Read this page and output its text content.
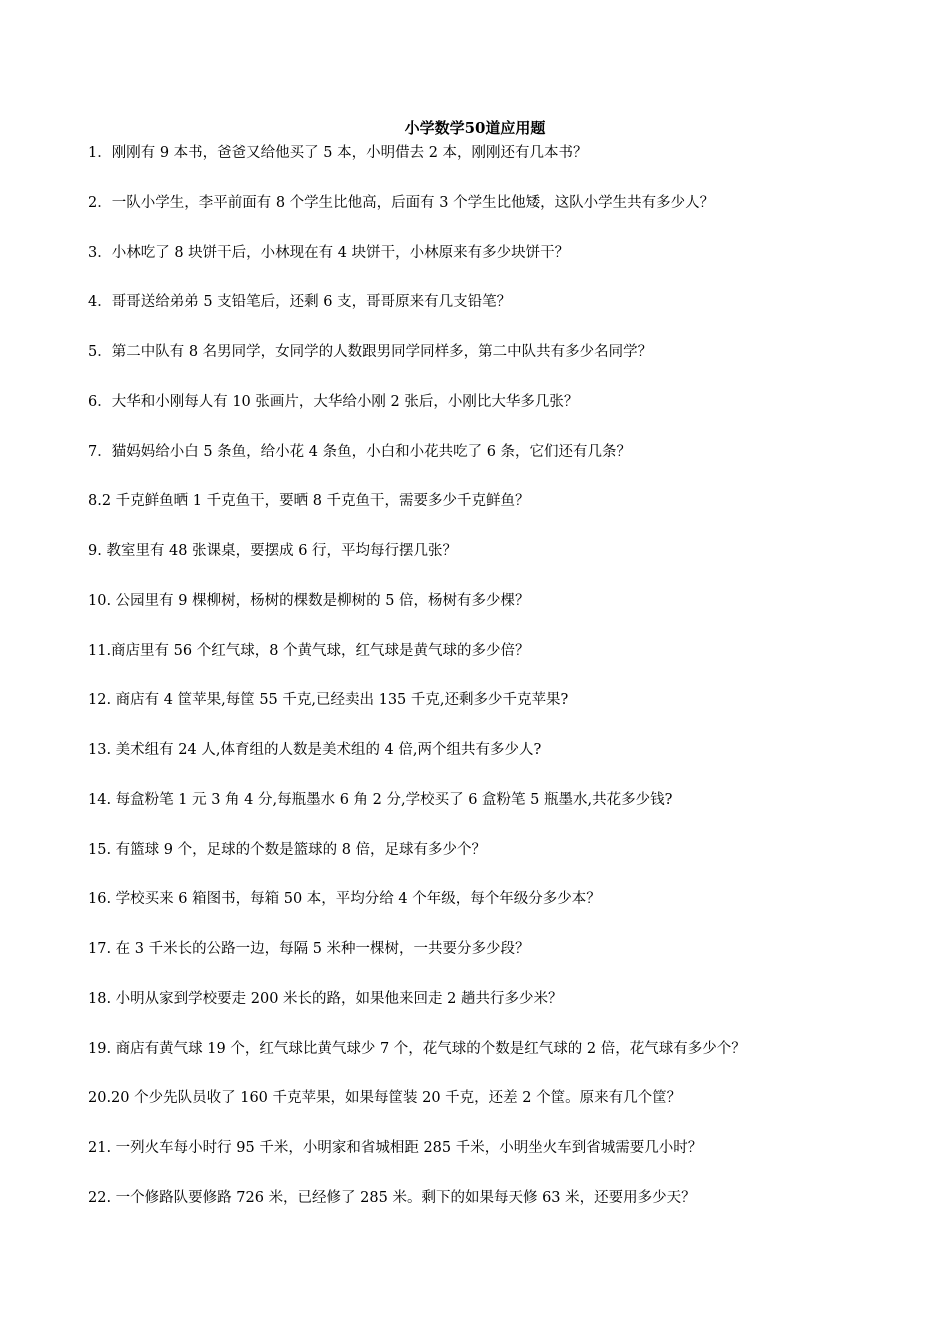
小学数学50道应用题
1．刚刚有 9 本书，爸爸又给他买了 5 本，小明借去 2 本，刚刚还有几本书？
2．一队小学生，李平前面有 8 个学生比他高，后面有 3 个学生比他矮，这队小学生共有多少人？
3．小林吃了 8 块饼干后，小林现在有 4 块饼干，小林原来有多少块饼干？
4．哥哥送给弟弟 5 支铅笔后，还剩 6 支，哥哥原来有几支铅笔？
5．第二中队有 8 名男同学，女同学的人数跟男同学同样多，第二中队共有多少名同学？
6．大华和小刚每人有 10 张画片，大华给小刚 2 张后，小刚比大华多几张？
7．猫妈妈给小白 5 条鱼，给小花 4 条鱼，小白和小花共吃了 6 条，它们还有几条？
8.2 千克鲜鱼晒 1 千克鱼干，要晒 8 千克鱼干，需要多少千克鲜鱼？
9. 教室里有 48 张课桌，要摆成 6 行，平均每行摆几张？
10. 公园里有 9 棵柳树，杨树的棵数是柳树的 5 倍，杨树有多少棵？
11.商店里有 56 个红气球，8 个黄气球，红气球是黄气球的多少倍？
12. 商店有 4 筐苹果,每筐 55 千克,已经卖出 135 千克,还剩多少千克苹果?
13. 美术组有 24 人,体育组的人数是美术组的 4 倍,两个组共有多少人?
14. 每盒粉笔 1 元 3 角 4 分,每瓶墨水 6 角 2 分,学校买了 6 盒粉笔 5 瓶墨水,共花多少钱?
15. 有篮球 9 个，足球的个数是篮球的 8 倍，足球有多少个？
16. 学校买来 6 箱图书，每箱 50 本，平均分给 4 个年级，每个年级分多少本？
17. 在 3 千米长的公路一边，每隔 5 米种一棵树，一共要分多少段？
18. 小明从家到学校要走 200 米长的路，如果他来回走 2 趟共行多少米？
19. 商店有黄气球 19 个，红气球比黄气球少 7 个，花气球的个数是红气球的 2 倍，花气球有多少个？
20.20 个少先队员收了 160 千克苹果，如果每筐装 20 千克，还差 2 个筐。原来有几个筐？
21. 一列火车每小时行 95 千米，小明家和省城相距 285 千米，小明坐火车到省城需要几小时？
22. 一个修路队要修路 726 米，已经修了 285 米。剩下的如果每天修 63 米，还要用多少天？
